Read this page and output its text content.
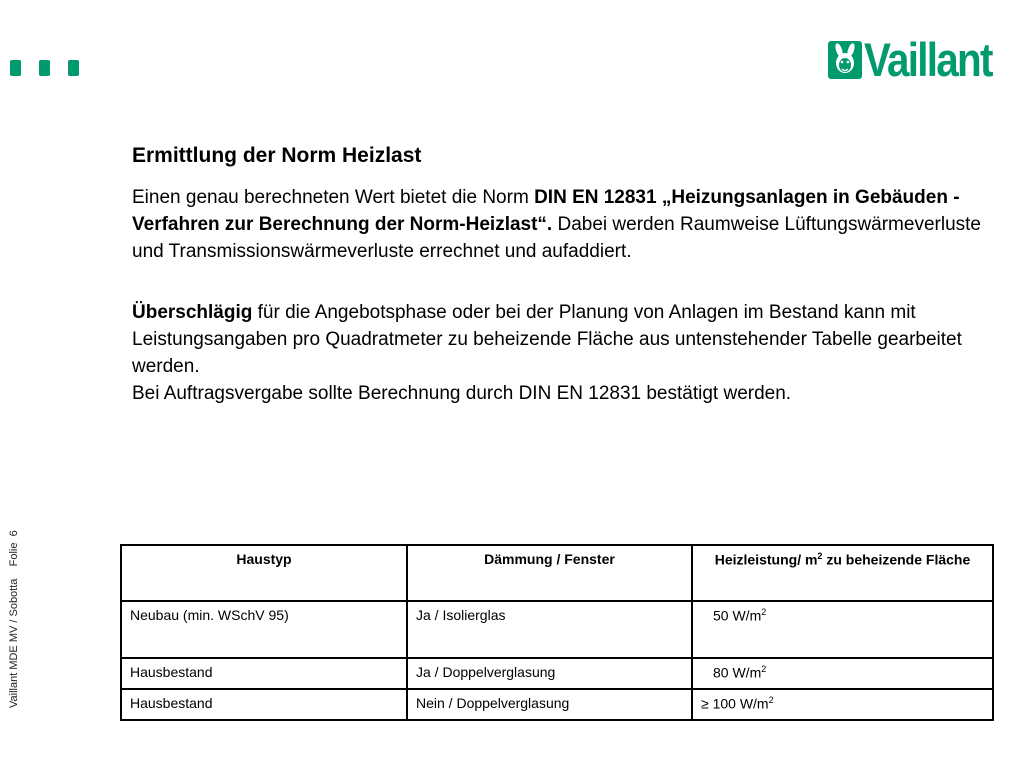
Vaillant
Vaillant MDE MV / Sobotta    Folie  6
Ermittlung der Norm Heizlast

Einen genau berechneten Wert bietet die Norm DIN EN 12831 „Heizungsanlagen in Gebäuden - Verfahren zur Berechnung der Norm-Heizlast“. Dabei werden Raumweise Lüftungswärmeverluste und Transmissionswärmeverluste errechnet und aufaddiert.

Überschlägig für die Angebotsphase oder bei der Planung von Anlagen im Bestand kann mit Leistungsangaben pro Quadratmeter zu beheizende Fläche aus untenstehender Tabelle gearbeitet werden.
Bei Auftragsvergabe sollte Berechnung durch DIN EN 12831 bestätigt werden.

Haustyp	Dämmung / Fenster	Heizleistung/ $m^2$ zu beheizende Fläche
Neubau (min. WSchV 95)	Ja / Isolierglas	50 $W/m^2$
Hausbestand	Ja / Doppelverglasung	80 $W/m^2$
Hausbestand	Nein / Doppelverglasung	≥ 100 $W/m^2$
